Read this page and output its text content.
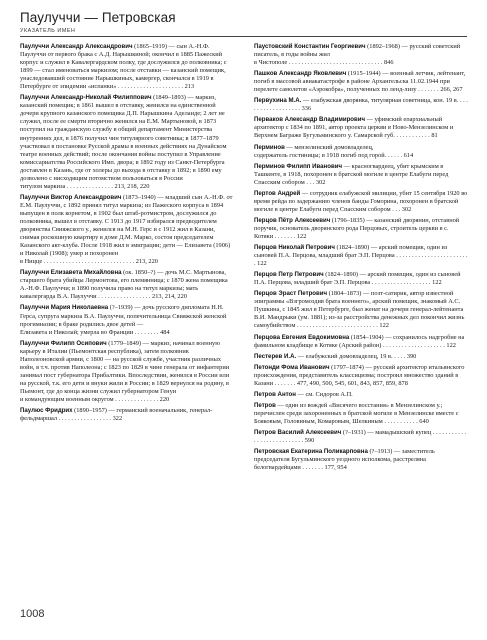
Паулуччи — Петровская
УКАЗАТЕЛЬ ИМЕН

Паулуччи Александр Александрович (1865–1919) — сын А.-Н.Ф. Паулуччи от первого брака с А.Д. Нарышкиной; окончил в 1885 Пажеский корпус и служил в Кавалергардском полку, где дослужился до полковника; с 1899 — стал именоваться маркизом; после отставки — казанский помещик, унаследовавший состояние Нарышкиных, камергер, скончался в 1919 в Петербурге от эпидемии «испанки» . . . . . . . . . . . . . . . . . . . . . 213

Паулуччи Александр-Николай Филиппович (1849–1893) — маркиз, казанский помещик; в 1861 вышел в отставку, женился на единственной дочери крупного казанского помещика Д.П. Нарышкина Аделаиде; 2 лет не служил, после ее смерти вторично женился на Е.М. Мартыновой, в 1873 поступил на гражданскую службу в общий департамент Министерства внутренних дел, в 1876 получил чин титулярного советника; в 1877–1879 участвовал в постановке Русской драмы в военных действиях на Дунайском театре военных действий; после окончания войны поступил в Управление комиссариатства Российского Имп. двора; в 1892 году из Санкт-Петербурга доставлен в Казань, где от холеры до выхода в отставку в 1892; в 1890 ему дозволено с нисходящим потомством пользоваться в России титулом маркиза . . . . . . . . . . . . . . . 213, 218, 220

Паулуччи Виктор Александрович (1873–1940) — младший сын А.-Н.Ф. от Е.М. Паулуччи, с 1892 принял титул маркиза; из Пажеского корпуса в 1894 выпущен в полк корнетом, в 1902 был штаб-ротмистром, дослужился до полковника, вышел в отставку. С 1913 до 1917 избирался предводителем дворянства Свияжского у., женился на М.Н. Герс и с 1912 жил в Казани, снимая роскошную квартиру в доме Д.М. Марко, состоя председателем Казанского акт-клуба. После 1918 жил в эмиграции; дети — Елизавета (1906) и Николай (1908); умер и похоронен в Ницце . . . . . . . . . . . . . . . . . . . . . . . . . . . . . 213, 220

Паулуччи Елизавета Михайловна (ок. 1850–?) — дочь М.С. Мартынова, старшего брата убийцы Лермонтова, его племянница; с 1870 жена помещика А.-Н.Ф. Паулуччи; в 1890 получила право на титул маркизы; мать кавалергарда В.А. Паулуччи . . . . . . . . . . . . . . . . . 213, 214, 220

Паулуччи Мария Николаевна (?–1939) — дочь русского дипломата Н.Н. Герса, супруга маркиза В.А. Паулуччи, попечительница Свияжской женской прогимназии; в браке родились двое детей — Елизавета и Николай; умерла во Франции . . . . . . . . 484

Паулуччи Филипп Осипович (1779–1849) — маркиз, начинал военную карьеру в Италии (Пьемонтская республика), затем полковник Наполеоновской армии, с 1800 — на русской службе, участник различных войн, в т.ч. против Наполеона; с 1823 по 1829 в чине генерала от инфантерии занимал пост губернатора Прибалтики. Впоследствии, женился в России или на русской, т.к. его дети и внуки жили в России; в 1829 вернулся на родину, в Пьемонт, где до конца жизни служил губернатором Генуи и командующим военным округом . . . . . . . . . . . . . . 220

Паулюс Фридрих (1890–1957) — германский военачальник, генерал-фельдмаршал . . . . . . . . . . . . . . . . . 322

Паустовский Константин Георгиевич (1892–1968) — русский советский писатель, в годы войны жил в Чистополе . . . . . . . . . . . . . . . . . . . . . . . . . . . . . . 846

Пашков Александр Яковлевич (1915–1944) — военный летчик, лейтенант, погиб в массовой авиакатастрофе в районе Архангельска 11.02.1944 при перелете самолетов «Аэрокобра», полученных по ленд-лизу . . . . . . . 266, 267

Первухина М.А. — елабужская дворянка, титулярная советница, кон. 19 в. . . . . . . . . . . . . . . . . . . 336

Перваков Александр Владимирович — уфимский епархиальный архитектор с 1834 по 1891, автор проекта церкви в Ново-Мензелинском и Верхнем Баграже Бугульминского у. Самарской губ. . . . . . . . . . . . 81

Перминов — мензелинский домовладелец, содержатель гостиницы; в 1918 погиб под горой. . . . . . 614

Перминов Филипп Иванович — красногвардеец, убит крымским в Ташкенте, в 1918, похоронен в братской могиле в центре Елабуги перед Спасским собором . . . 302

Пертов Андрей — сотрудник елабужской милиции, убит 15 сентября 1920 во время рейда по задержанию членов банды Гоморина, похоронен в братской могиле в центре Елабуги перед Спасским собором . . . 302

Перцов Пётр Алексеевич (1796–1835) — казанский дворянин, отставной поручик, основатель дворянского рода Перцовых, строитель церкви в с. Котяки . . . . . . . 122

Перцов Николай Петрович (1824–1890) — арский помещик, один из сыновей П.А. Перцова, младший брат Э.П. Перцова . . . . . . . . . . . . . . . . . . . . . . . . 122

Перцов Петр Петрович (1824–1890) — арский помещик, один из сыновей П.А. Перцова, младший брат Э.П. Перцова . . . . . . . . . . . . . . . . . . . 122

Перцов Эраст Петрович (1804–1873) — поэт-сатирик, автор известной эпиграммы «Взгромоздив брата военнего», арский помещик, знакомый А.С. Пушкина, с 1845 жил в Петербурге, был женат на дочери генерал-лейтенанта В.И. Мандрыки (ум. 1881); из-за расстройства денежных дел покончил жизнь самоубийством . . . . . . . . . . . . . . . . . . . . . . . . . . 122

Перцова Евгения Евдокимовна (1854–1904) — сохранилось надгробие на фамильном кладбище в Котяке (Арский район) . . . . . . . . . . . . . . . . . . . . 122

Пестерев И.А. — елабужский домовладелец, 19 в. . . . . 390

Петонди Фома Иванович (1797–1874) — русский архитектор итальянского происхождения, представитель классицизма; построил множество зданий в Казани . . . . . . . 477, 490, 500, 545, 601, 843, 857, 859, 878

Петров Антон — см. Сидоров А.П.

Петров — один из вождей «Висячего восстания» в Мензелинском у.; перечислен среди захороненных в братской могиле в Мензелинске вместе с Бояковым, Головиным, Комаровым, Шелкиным . . . . . . . . . . . 640

Петров Василий Алексеевич (?–1931) — мамадышский купец . . . . . . . . . . . . . . . . . . . . . . . . . . . 590

Петровская Екатерина Поликарповна (?–1913) — заместитель председателя Бугульминского уездного исполкома, расстреляна белогвардейцами . . . . . . . 177, 954

1008
